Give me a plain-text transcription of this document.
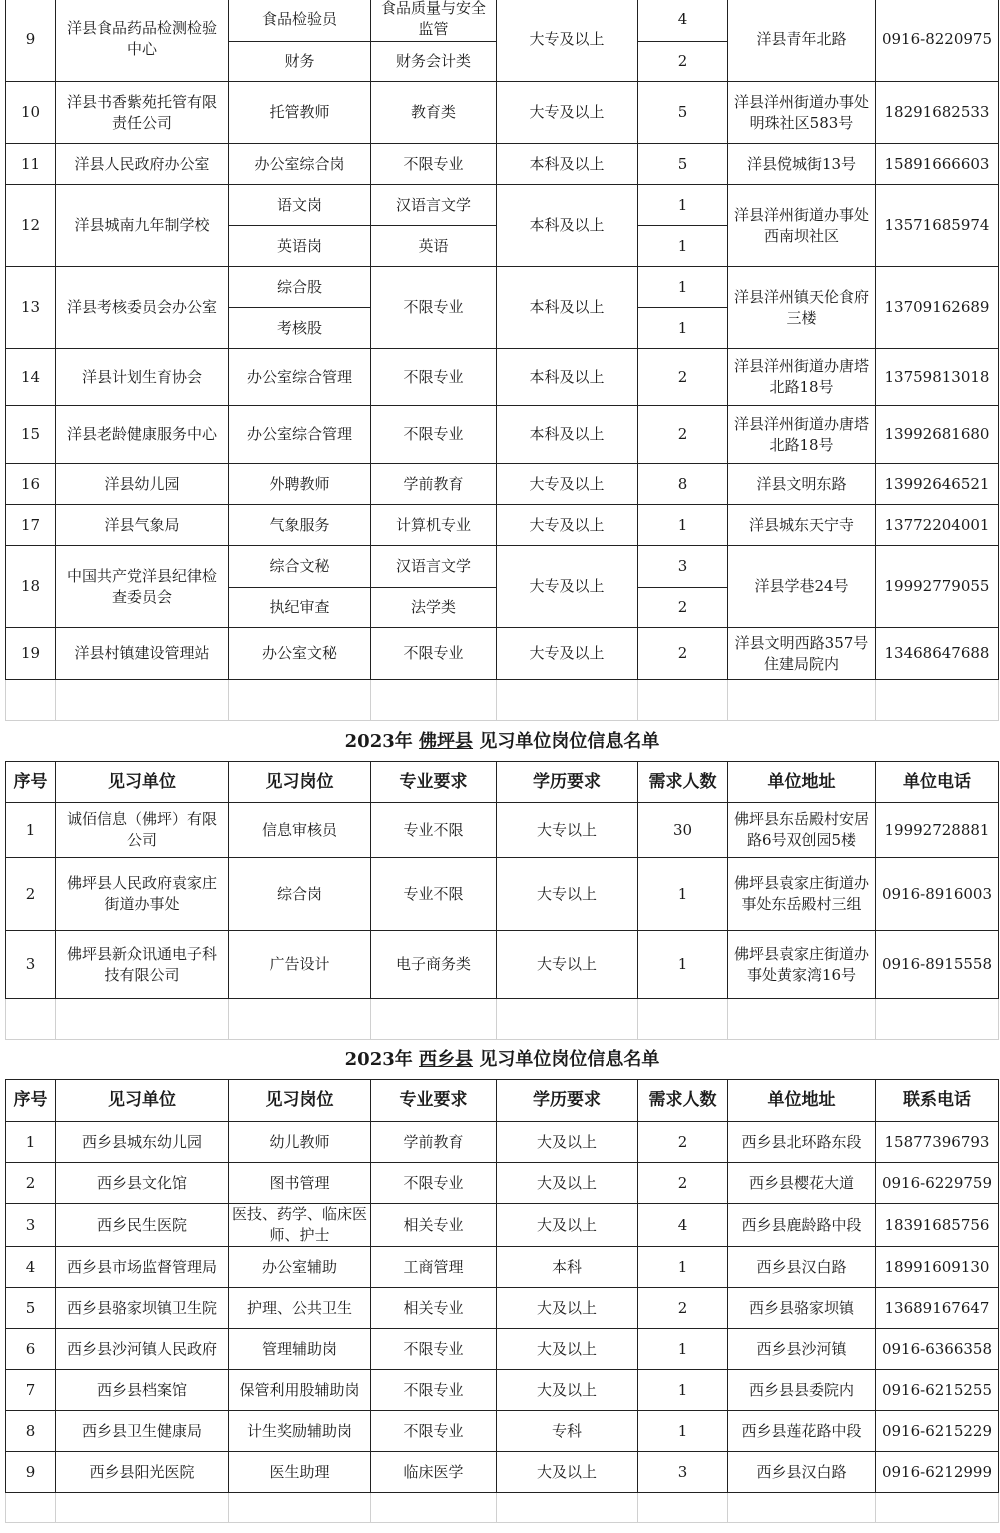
9	洋县食品药品检测检验中心	食品检验员	食品质量与安全监管	大专及以上	4	洋县青年北路	0916-8220975
		财务	财务会计类		2		
10	洋县书香紫苑托管有限责任公司	托管教师	教育类	大专及以上	5	洋县洋州街道办事处明珠社区583号	18291682533
11	洋县人民政府办公室	办公室综合岗	不限专业	本科及以上	5	洋县傥城街13号	15891666603
12	洋县城南九年制学校	语文岗	汉语言文学	本科及以上	1	洋县洋州街道办事处西南坝社区	13571685974
		英语岗	英语		1		
13	洋县考核委员会办公室	综合股	不限专业	本科及以上	1	洋县洋州镇天伦食府三楼	13709162689
		考核股			1		
14	洋县计划生育协会	办公室综合管理	不限专业	本科及以上	2	洋县洋州街道办唐塔北路18号	13759813018
15	洋县老龄健康服务中心	办公室综合管理	不限专业	本科及以上	2	洋县洋州街道办唐塔北路18号	13992681680
16	洋县幼儿园	外聘教师	学前教育	大专及以上	8	洋县文明东路	13992646521
17	洋县气象局	气象服务	计算机专业	大专及以上	1	洋县城东天宁寺	13772204001
18	中国共产党洋县纪律检查委员会	综合文秘	汉语言文学	大专及以上	3	洋县学巷24号	19992779055
		执纪审查	法学类		2		
19	洋县村镇建设管理站	办公室文秘	不限专业	大专及以上	2	洋县文明西路357号住建局院内	13468647688

2023年 佛坪县 见习单位岗位信息名单							
序号	见习单位	见习岗位	专业要求	学历要求	需求人数	单位地址	单位电话
1	诚佰信息（佛坪）有限公司	信息审核员	专业不限	大专以上	30	佛坪县东岳殿村安居路6号双创园5楼	19992728881
2	佛坪县人民政府袁家庄街道办事处	综合岗	专业不限	大专以上	1	佛坪县袁家庄街道办事处东岳殿村三组	0916-8916003
3	佛坪县新众讯通电子科技有限公司	广告设计	电子商务类	大专以上	1	佛坪县袁家庄街道办事处黄家湾16号	0916-8915558

2023年 西乡县 见习单位岗位信息名单							
序号	见习单位	见习岗位	专业要求	学历要求	需求人数	单位地址	联系电话
1	西乡县城东幼儿园	幼儿教师	学前教育	大及以上	2	西乡县北环路东段	15877396793
2	西乡县文化馆	图书管理	不限专业	大及以上	2	西乡县樱花大道	0916-6229759
3	西乡民生医院	医技、药学、临床医师、护士	相关专业	大及以上	4	西乡县鹿龄路中段	18391685756
4	西乡县市场监督管理局	办公室辅助	工商管理	本科	1	西乡县汉白路	18991609130
5	西乡县骆家坝镇卫生院	护理、公共卫生	相关专业	大及以上	2	西乡县骆家坝镇	13689167647
6	西乡县沙河镇人民政府	管理辅助岗	不限专业	大及以上	1	西乡县沙河镇	0916-6366358
7	西乡县档案馆	保管利用股辅助岗	不限专业	大及以上	1	西乡县县委院内	0916-6215255
8	西乡县卫生健康局	计生奖励辅助岗	不限专业	专科	1	西乡县莲花路中段	0916-6215229
9	西乡县阳光医院	医生助理	临床医学	大及以上	3	西乡县汉白路	0916-6212999
